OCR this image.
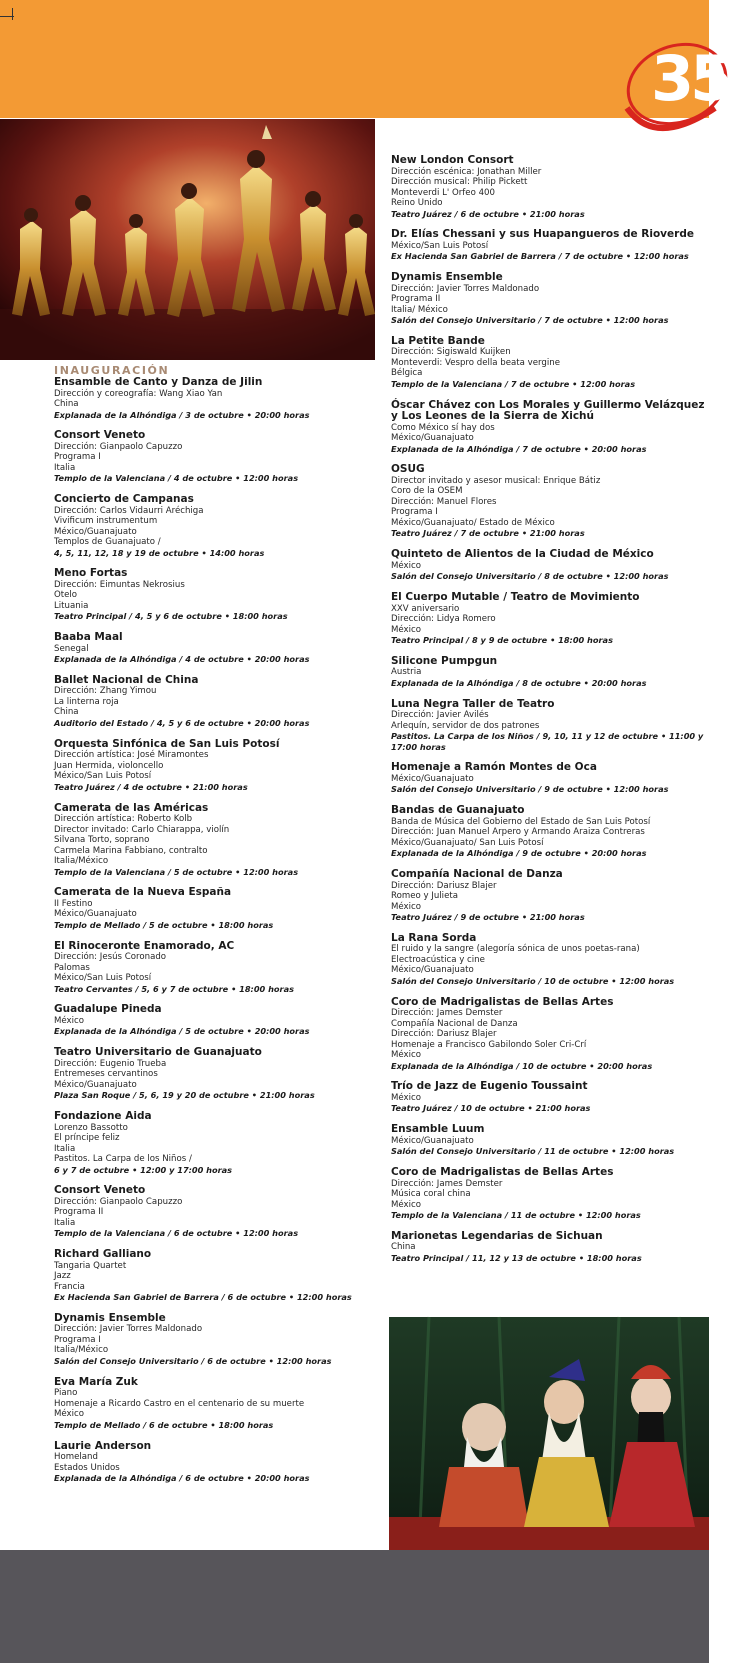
35
INAUGURACIÓN
Ensamble de Canto y Danza de Jilin
Dirección y coreografía: Wang Xiao Yan
China
Explanada de la Alhóndiga / 3 de octubre • 20:00 horas
Consort Veneto
Dirección: Gianpaolo Capuzzo
Programa I
Italia
Templo de la Valenciana / 4 de octubre • 12:00 horas
Concierto de Campanas
Dirección: Carlos Vidaurri Aréchiga
Vivificum instrumentum
México/Guanajuato
Templos de Guanajuato /
4, 5, 11, 12, 18 y 19 de octubre • 14:00 horas
Meno Fortas
Dirección: Eimuntas Nekrosius
Otelo
Lituania
Teatro Principal / 4, 5 y 6 de octubre • 18:00 horas
Baaba Maal
Senegal
Explanada de la Alhóndiga / 4 de octubre • 20:00 horas
Ballet Nacional de China
Dirección: Zhang Yimou
La linterna roja
China
Auditorio del Estado / 4, 5 y 6 de octubre • 20:00 horas
Orquesta Sinfónica de San Luis Potosí
Dirección artística: José Miramontes
Juan Hermida, violoncello
México/San Luis Potosí
Teatro Juárez / 4 de octubre • 21:00 horas
Camerata de las Américas
Dirección artística: Roberto Kolb
Director invitado: Carlo Chiarappa, violín
Silvana Torto, soprano
Carmela Marina Fabbiano, contralto
Italia/México
Templo de la Valenciana / 5 de octubre • 12:00 horas
Camerata de la Nueva España
II Festino
México/Guanajuato
Templo de Mellado / 5 de octubre • 18:00 horas
El Rinoceronte Enamorado, AC
Dirección: Jesús Coronado
Palomas
México/San Luis Potosí
Teatro Cervantes / 5, 6 y 7 de octubre • 18:00 horas
Guadalupe Pineda
México
Explanada de la Alhóndiga / 5 de octubre • 20:00 horas
Teatro Universitario de Guanajuato
Dirección: Eugenio Trueba
Entremeses cervantinos
México/Guanajuato
Plaza San Roque / 5, 6, 19 y 20 de octubre • 21:00 horas
Fondazione Aida
Lorenzo Bassotto
El príncipe feliz
Italia
Pastitos. La Carpa de los Niños /
6 y 7 de octubre • 12:00 y 17:00 horas
Consort Veneto
Dirección: Gianpaolo Capuzzo
Programa II
Italia
Templo de la Valenciana / 6 de octubre • 12:00 horas
Richard Galliano
Tangaria Quartet
Jazz
Francia
Ex Hacienda San Gabriel de Barrera / 6 de octubre • 12:00 horas
Dynamis Ensemble
Dirección: Javier Torres Maldonado
Programa I
Italia/México
Salón del Consejo Universitario / 6 de octubre • 12:00 horas
Eva María Zuk
Piano
Homenaje a Ricardo Castro en el centenario de su muerte
México
Templo de Mellado / 6 de octubre • 18:00 horas
Laurie Anderson
Homeland
Estados Unidos
Explanada de la Alhóndiga / 6 de octubre • 20:00 horas
New London Consort
Dirección escénica: Jonathan Miller
Dirección musical: Philip Pickett
Monteverdi L' Orfeo 400
Reino Unido
Teatro Juárez / 6 de octubre • 21:00 horas
Dr. Elías Chessani y sus Huapangueros de Rioverde
México/San Luis Potosí
Ex Hacienda San Gabriel de Barrera / 7 de octubre • 12:00 horas
Dynamis Ensemble
Dirección: Javier Torres Maldonado
Programa II
Italia/ México
Salón del Consejo Universitario / 7 de octubre • 12:00 horas
La Petite Bande
Dirección: Sigiswald Kuijken
Monteverdi: Vespro della beata vergine
Bélgica
Templo de la Valenciana / 7 de octubre • 12:00 horas
Óscar Chávez con Los Morales y Guillermo Velázquez y Los Leones de la Sierra de Xichú
Como México sí hay dos
México/Guanajuato
Explanada de la Alhóndiga / 7 de octubre • 20:00 horas
OSUG
Director invitado y asesor musical: Enrique Bátiz
Coro de la OSEM
Dirección: Manuel Flores
Programa I
México/Guanajuato/ Estado de México
Teatro Juárez / 7 de octubre • 21:00 horas
Quinteto de Alientos de la Ciudad de México
México
Salón del Consejo Universitario / 8 de octubre • 12:00 horas
El Cuerpo Mutable / Teatro de Movimiento
XXV aniversario
Dirección: Lidya Romero
México
Teatro Principal / 8 y 9 de octubre • 18:00 horas
Silicone Pumpgun
Austria
Explanada de la Alhóndiga / 8 de octubre • 20:00 horas
Luna Negra Taller de Teatro
Dirección: Javier Avilés
Arlequín, servidor de dos patrones
Pastitos. La Carpa de los Niños / 9, 10, 11 y 12 de octubre • 11:00 y 17:00 horas
Homenaje a Ramón Montes de Oca
México/Guanajuato
Salón del Consejo Universitario / 9 de octubre • 12:00 horas
Bandas de Guanajuato
Banda de Música del Gobierno del Estado de San Luis Potosí
Dirección: Juan Manuel Arpero y Armando Araiza Contreras
México/Guanajuato/ San Luis Potosí
Explanada de la Alhóndiga / 9 de octubre • 20:00 horas
Compañía Nacional de Danza
Dirección: Dariusz Blajer
Romeo y Julieta
México
Teatro Juárez / 9 de octubre • 21:00 horas
La Rana Sorda
El ruido y la sangre (alegoría sónica de unos poetas-rana)
Electroacústica y cine
México/Guanajuato
Salón del Consejo Universitario / 10 de octubre • 12:00 horas
Coro de Madrigalistas de Bellas Artes
Dirección: James Demster
Compañía Nacional de Danza
Dirección: Dariusz Blajer
Homenaje a Francisco Gabilondo Soler Cri-Crí
México
Explanada de la Alhóndiga / 10 de octubre • 20:00 horas
Trío de Jazz de Eugenio Toussaint
México
Teatro Juárez / 10 de octubre • 21:00 horas
Ensamble Luum
México/Guanajuato
Salón del Consejo Universitario / 11 de octubre • 12:00 horas
Coro de Madrigalistas de Bellas Artes
Dirección: James Demster
Música coral china
México
Templo de la Valenciana / 11 de octubre • 12:00 horas
Marionetas Legendarias de Sichuan
China
Teatro Principal / 11, 12 y 13 de octubre • 18:00 horas
